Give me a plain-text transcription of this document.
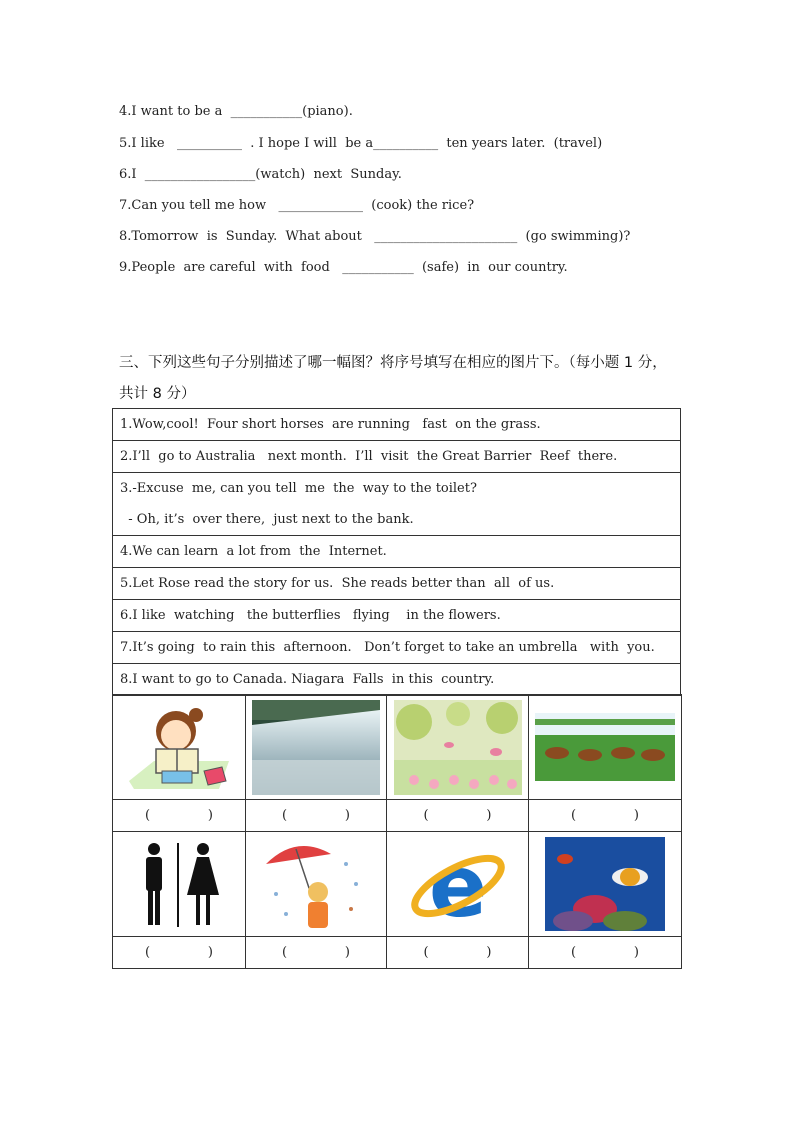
4.I want to be a  ___________(piano).
5.I like   __________  . I hope I will  be a__________  ten years later.  (travel)
6.I  _________________(watch)  next  Sunday.
7.Can you tell me how   _____________  (cook) the rice?
8.Tomorrow  is  Sunday.  What about   ______________________  (go swimming)?
9.People  are careful  with  food   ___________  (safe)  in  our country.
三、下列这些句子分别描述了哪一幅图？将序号填写在相应的图片下。（每小题 1 分，共计 8 分）
1.Wow,cool!  Four short horses  are running   fast  on the grass.
2.I’ll  go to Australia   next month.  I’ll  visit  the Great Barrier  Reef  there.
3.-Excuse  me, can you tell  me  the  way to the toilet?
- Oh, it’s  over there,  just next to the bank.
4.We can learn  a lot from  the  Internet.
5.Let Rose read the story for us.  She reads better than  all  of us.
6.I like  watching   the butterflies   flying    in the flowers.
7.It’s going  to rain this  afternoon.   Don’t forget to take an umbrella   with  you.
8.I want to go to Canada. Niagara  Falls  in this  country.

( )	( )	( )	( )

e

( )	( )	( )	( )
